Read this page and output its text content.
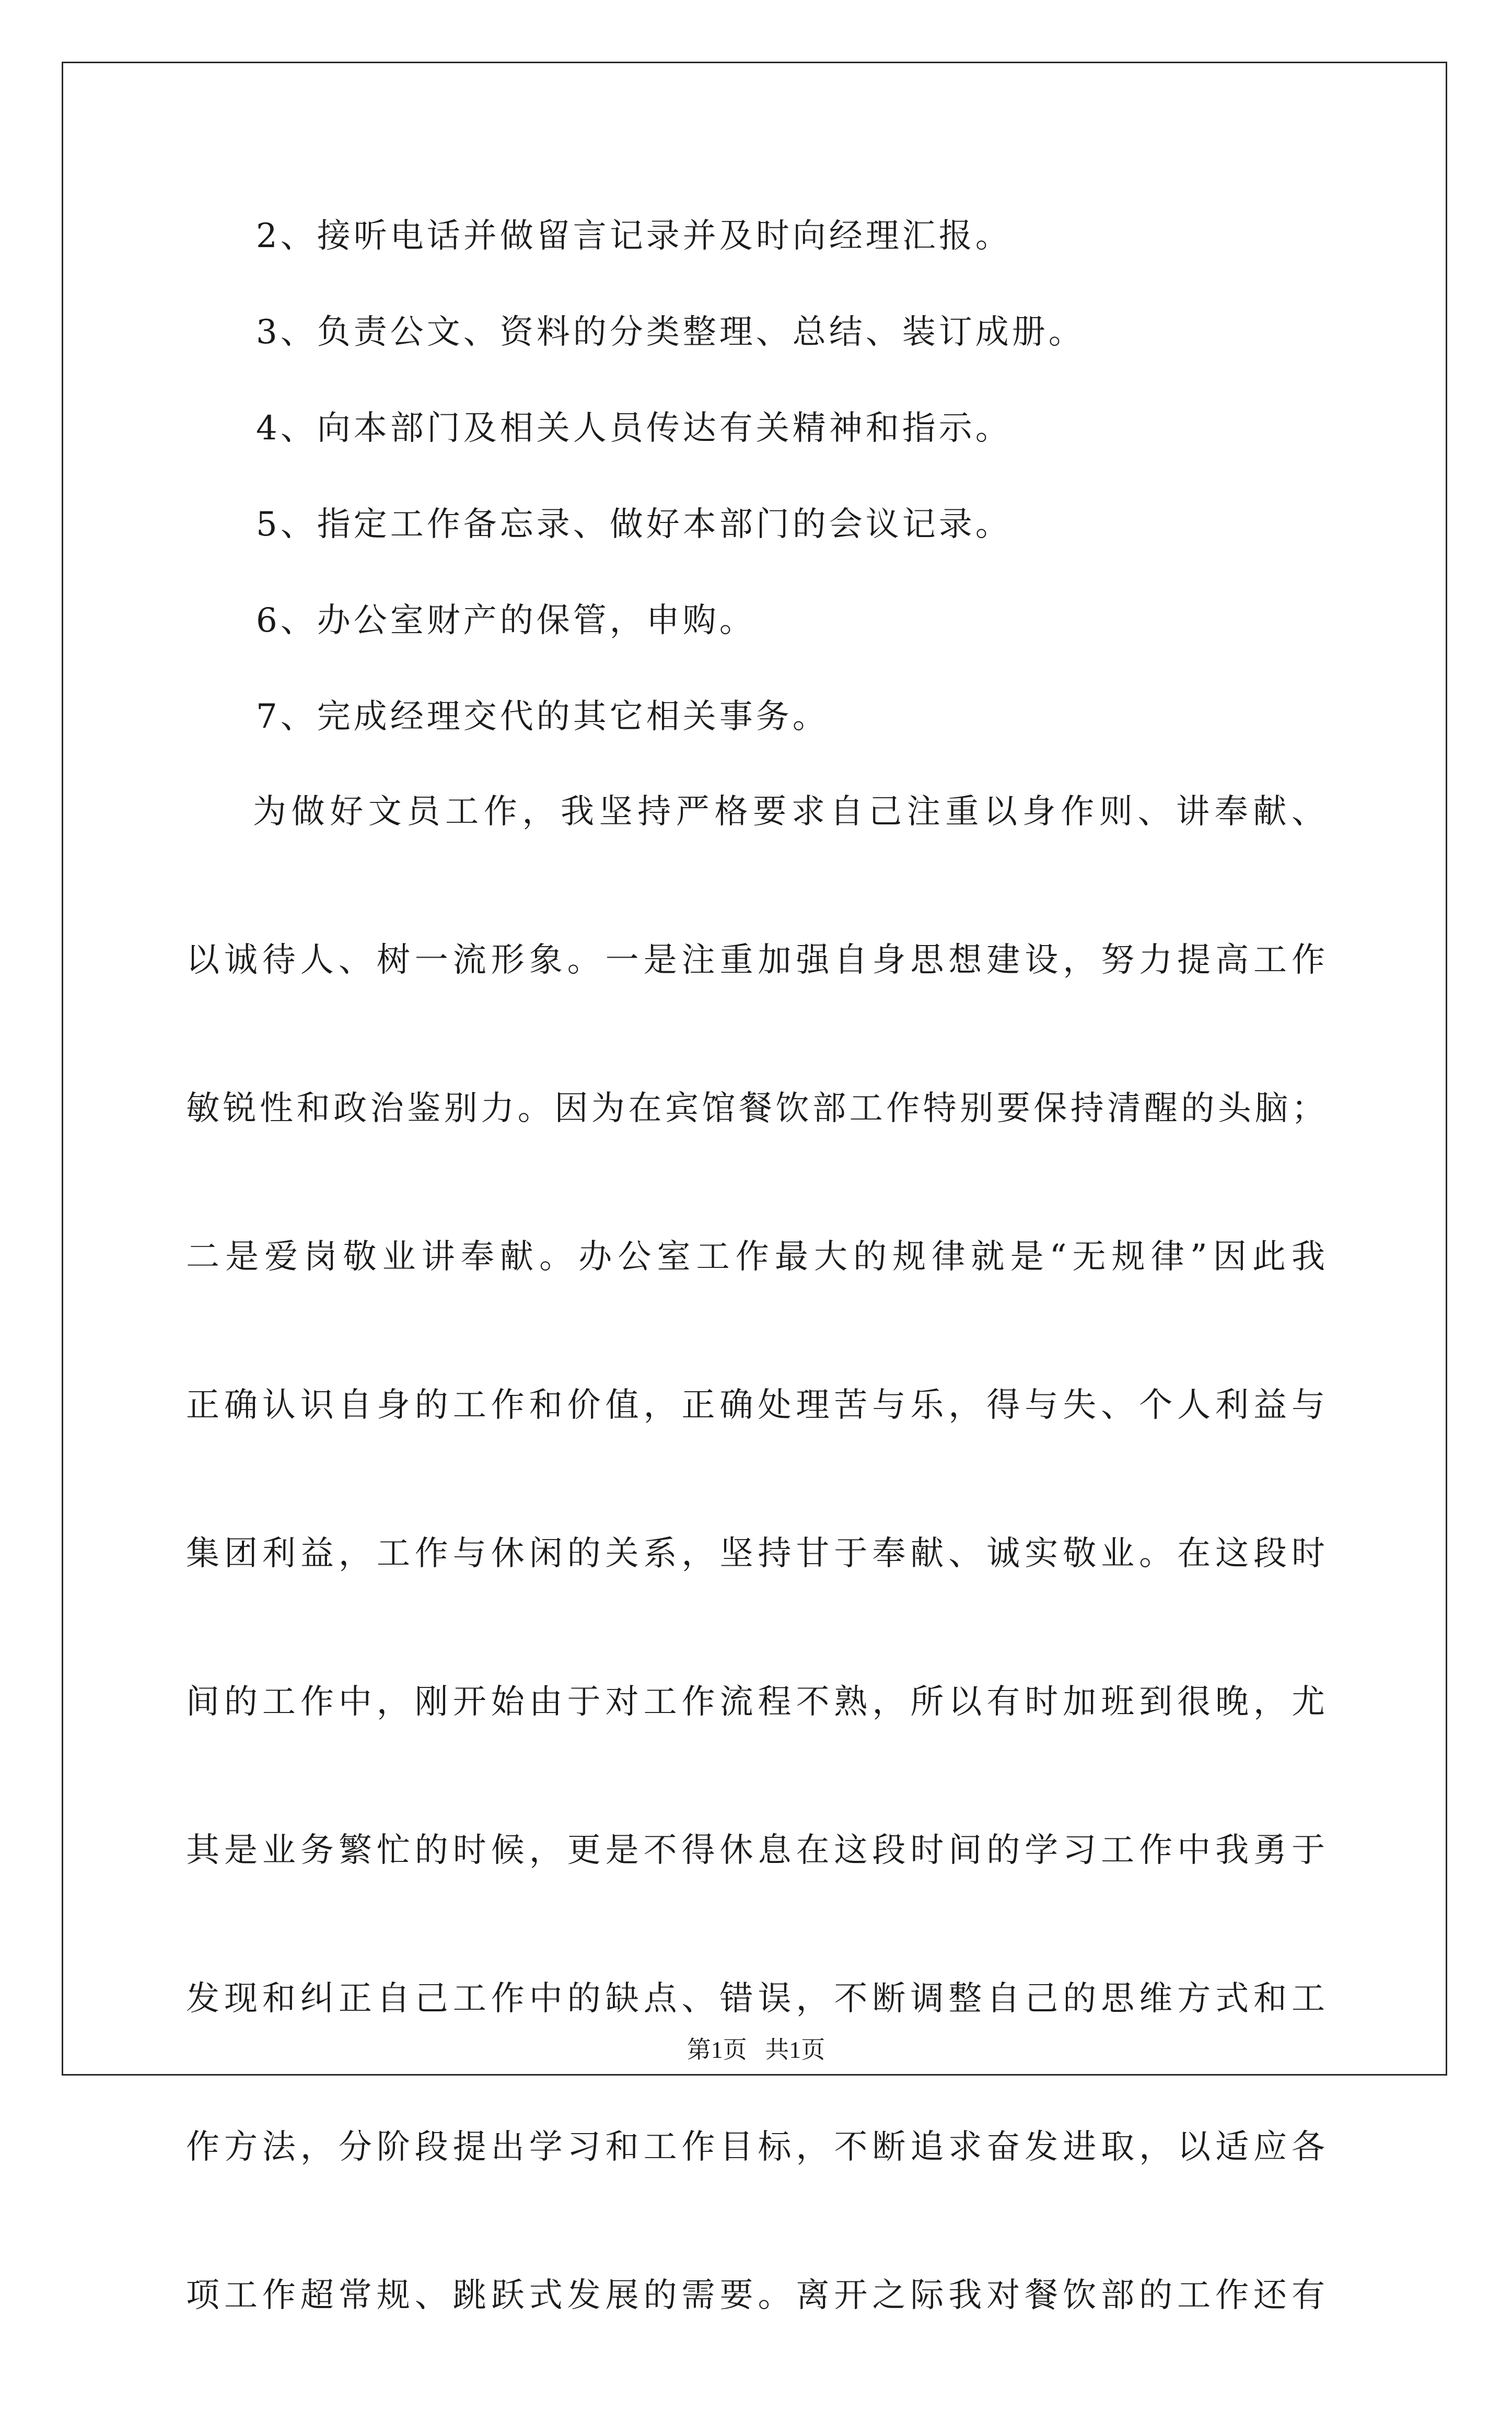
2、接听电话并做留言记录并及时向经理汇报。

3、负责公文、资料的分类整理、总结、装订成册。

4、向本部门及相关人员传达有关精神和指示。

5、指定工作备忘录、做好本部门的会议记录。

6、办公室财产的保管，申购。

7、完成经理交代的其它相关事务。

为做好文员工作，我坚持严格要求自己注重以身作则、讲奉献、
以诚待人、树一流形象。一是注重加强自身思想建设，努力提高工作
敏锐性和政治鉴别力。因为在宾馆餐饮部工作特别要保持清醒的头脑；
二是爱岗敬业讲奉献。办公室工作最大的规律就是“无规律”因此我
正确认识自身的工作和价值，正确处理苦与乐，得与失、个人利益与
集团利益，工作与休闲的关系，坚持甘于奉献、诚实敬业。在这段时
间的工作中，刚开始由于对工作流程不熟，所以有时加班到很晚，尤
其是业务繁忙的时候，更是不得休息在这段时间的学习工作中我勇于
发现和纠正自己工作中的缺点、错误，不断调整自己的思维方式和工
作方法，分阶段提出学习和工作目标，不断追求奋发进取，以适应各
项工作超常规、跳跃式发展的需要。离开之际我对餐饮部的工作还有
第1页   共1页
